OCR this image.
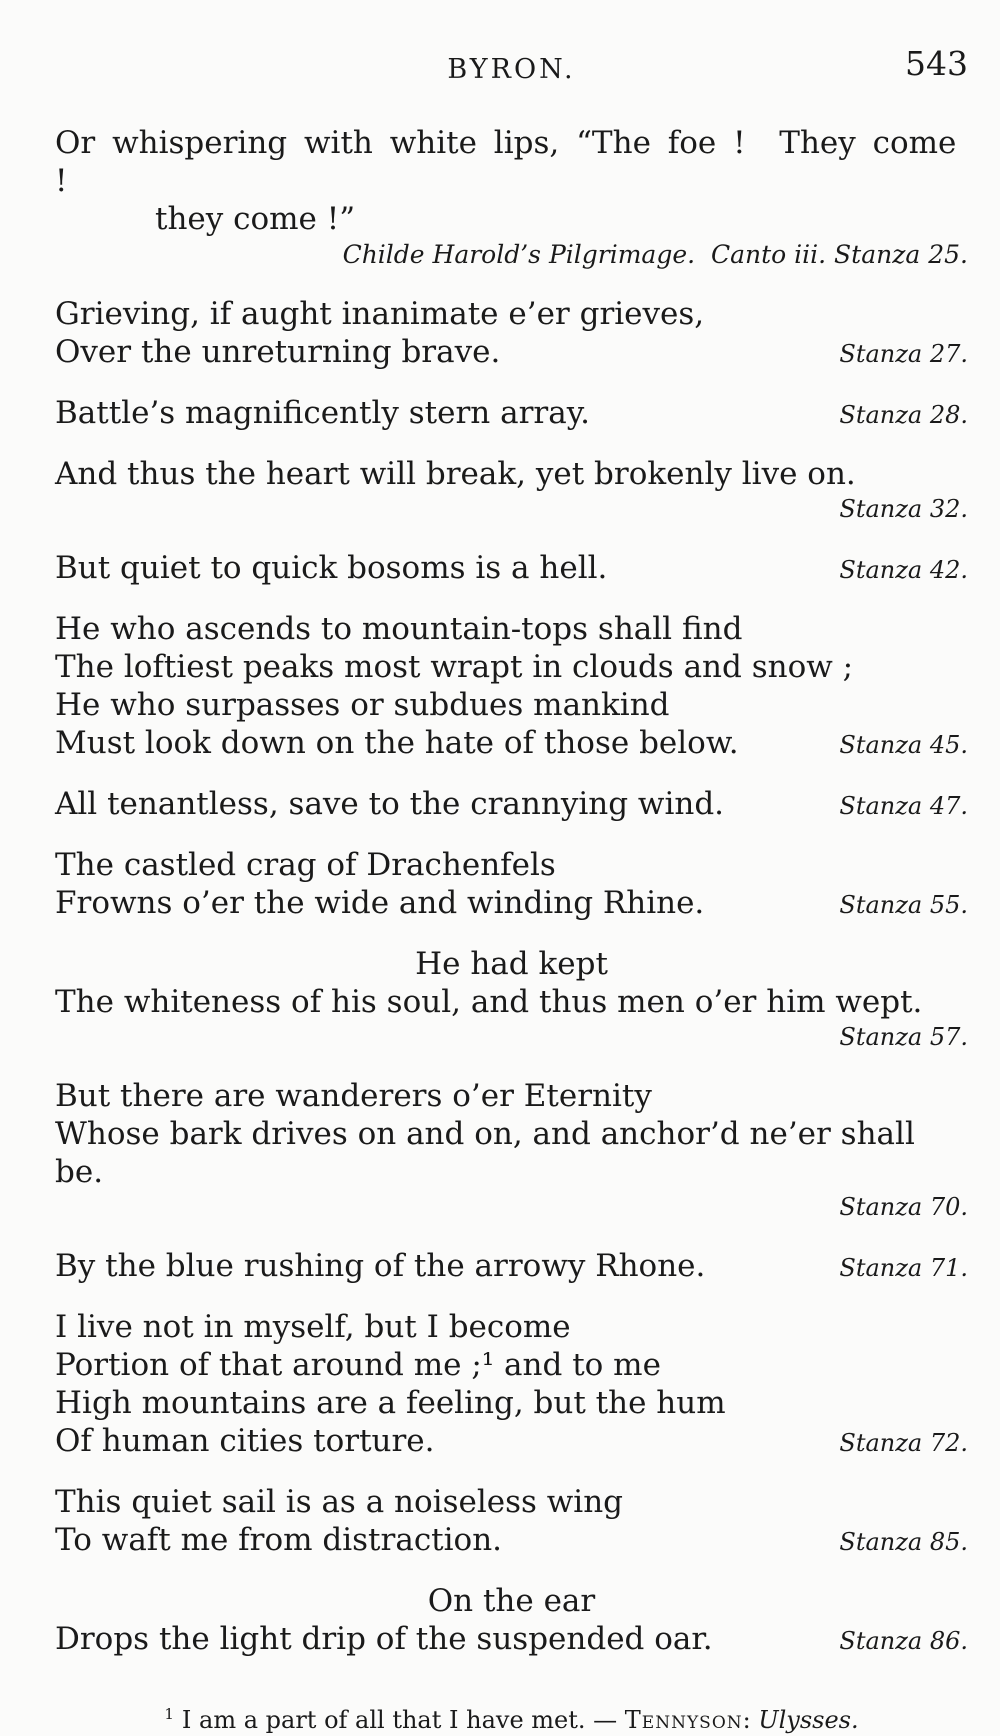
BYRON.	543
Or whispering with white lips, “The foe !  They come !
they come !”
Childe Harold’s Pilgrimage.  Canto iii. Stanza 25.
Grieving, if aught inanimate e’er grieves,
Over the unreturning brave.	Stanza 27.
Battle’s magnificently stern array.	Stanza 28.
And thus the heart will break, yet brokenly live on.
Stanza 32.
But quiet to quick bosoms is a hell.	Stanza 42.
He who ascends to mountain-tops shall find
The loftiest peaks most wrapt in clouds and snow ;
He who surpasses or subdues mankind
Must look down on the hate of those below.	Stanza 45.
All tenantless, save to the crannying wind.	Stanza 47.
The castled crag of Drachenfels
Frowns o’er the wide and winding Rhine.	Stanza 55.
He had kept
The whiteness of his soul, and thus men o’er him wept.
Stanza 57.
But there are wanderers o’er Eternity
Whose bark drives on and on, and anchor’d ne’er shall be.
Stanza 70.
By the blue rushing of the arrowy Rhone.	Stanza 71.
I live not in myself, but I become
Portion of that around me ;¹ and to me
High mountains are a feeling, but the hum
Of human cities torture.	Stanza 72.
This quiet sail is as a noiseless wing
To waft me from distraction.	Stanza 85.
On the ear
Drops the light drip of the suspended oar.	Stanza 86.
$^1$ I am a part of all that I have met. — Tennyson: Ulysses.
